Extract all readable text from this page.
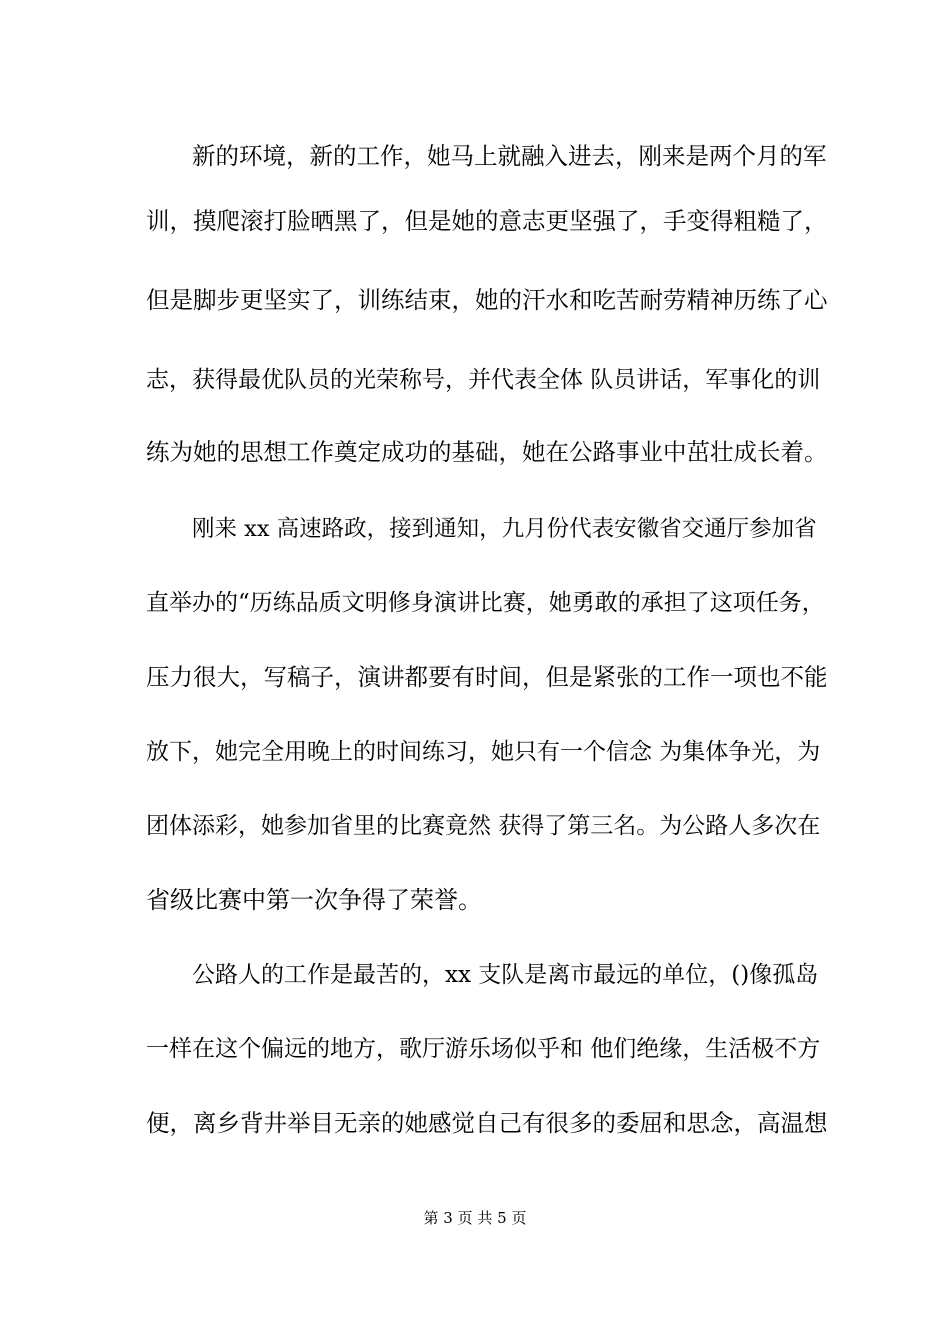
新的环境，新的工作，她马上就融入进去，刚来是两个月的军
训，摸爬滚打脸晒黑了，但是她的意志更坚强了，手变得粗糙了，
但是脚步更坚实了，训练结束，她的汗水和吃苦耐劳精神历练了心
志，获得最优队员的光荣称号，并代表全体 队员讲话，军事化的训
练为她的思想工作奠定成功的基础，她在公路事业中茁壮成长着。
刚来 xx 高速路政，接到通知，九月份代表安徽省交通厅参加省
直举办的“历练品质文明修身演讲比赛，她勇敢的承担了这项任务，
压力很大，写稿子，演讲都要有时间，但是紧张的工作一项也不能
放下，她完全用晚上的时间练习，她只有一个信念 为集体争光，为
团体添彩，她参加省里的比赛竟然 获得了第三名。为公路人多次在
省级比赛中第一次争得了荣誉。
公路人的工作是最苦的，xx 支队是离市最远的单位，()像孤岛
一样在这个偏远的地方，歌厅游乐场似乎和 他们绝缘，生活极不方
便，离乡背井举目无亲的她感觉自己有很多的委屈和思念，高温想
第 3 页 共 5 页
